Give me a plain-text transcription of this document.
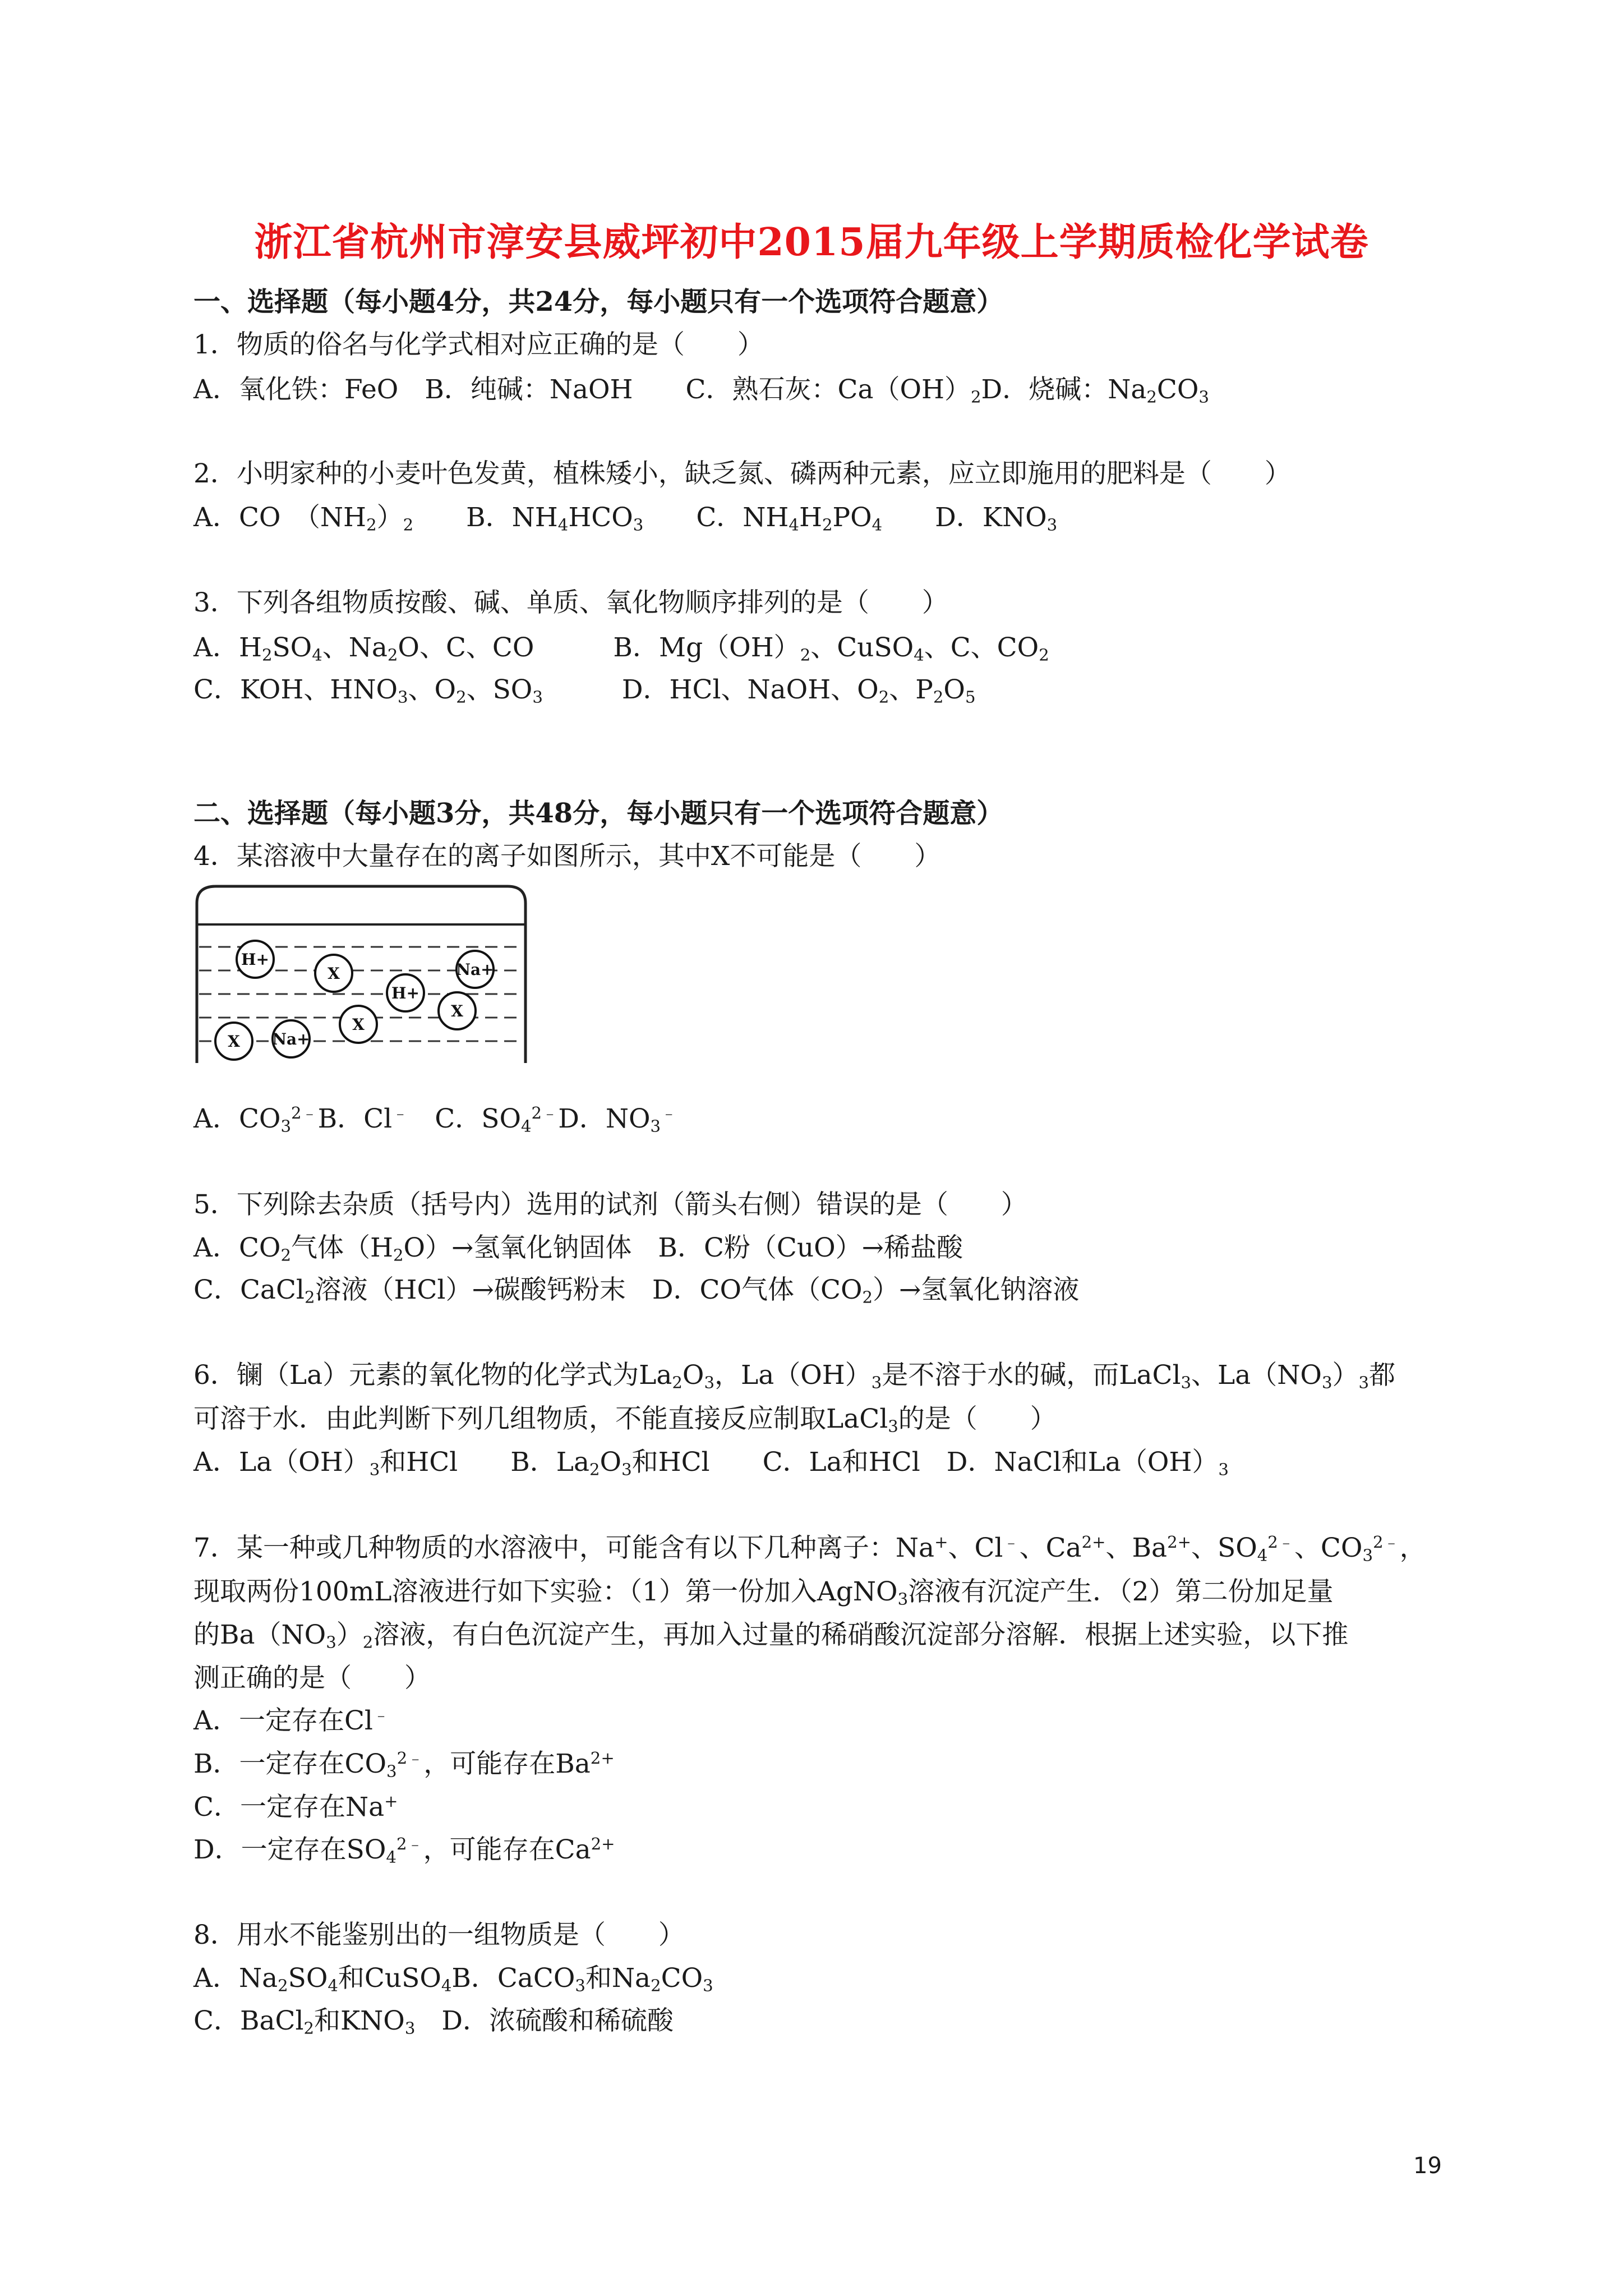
浙江省杭州市淳安县威坪初中2015届九年级上学期质检化学试卷
一、选择题（每小题4分，共24分，每小题只有一个选项符合题意）
1．物质的俗名与化学式相对应正确的是（　　）
A．氧化铁：FeO　B．纯碱：NaOH　　C．熟石灰：$Ca(OH)_2D$．烧碱：$Na_2CO_3$
2．小明家种的小麦叶色发黄，植株矮小，缺乏氮、磷两种元素，应立即施用的肥料是（　　）
A．CO　$(NH_2)_2$　　B．$NH_4HCO_3$　　C．$NH_4H_2PO_4$　　D．$KNO_3$
3．下列各组物质按酸、碱、单质、氧化物顺序排列的是（　　）
A．$H_2SO_4$、$Na_2O$、C、CO　　　B．$Mg(OH)_2$、CuSO$_4$、C、$CO_2$
C．KOH、$HNO_3$、$O_2$、$SO_3$　　　D．HCl、NaOH、$O_2$、$P_2O_5$
二、选择题（每小题3分，共48分，每小题只有一个选项符合题意）
4．某溶液中大量存在的离子如图所示，其中X不可能是（　　）
H+
X
H+
Na+
X
X
Na+
X
A．$CO_3^{2﹣}B$．Cl﹣　C．$SO_4^{2﹣}D$．$NO_3^﹣$
5．下列除去杂质（括号内）选用的试剂（箭头右侧）错误的是（　　）
A．$CO_2$气体$(H_2O)\to$氢氧化钠固体　B．C粉（CuO）→稀盐酸
C．CaCl$_2$溶液（HCl）→碳酸钙粉末　D．CO气体$(CO_2)\to$氢氧化钠溶液
6．镧（La）元素的氧化物的化学式为$La_2O_3$，$La(OH)_3$是不溶于水的碱，而LaCl$_3$、$La(NO_3)_3$都
可溶于水．由此判断下列几组物质，不能直接反应制取LaCl$_3$的是（　　）
A．$La(OH)_3$和HCl　　B．$La_2O_3$和HCl　　C．La和HCl　D．NaCl和$La(OH)_3$
7．某一种或几种物质的水溶液中，可能含有以下几种离子：Na+、Cl﹣、$Ca^{2+}$、$Ba^{2+}$、$SO_4^{2﹣}$、$CO_3^{2﹣}$，
现取两份100mL溶液进行如下实验：（1）第一份加入AgNO$_3$溶液有沉淀产生．（2）第二份加足量
的$Ba(NO_3)_2$溶液，有白色沉淀产生，再加入过量的稀硝酸沉淀部分溶解．根据上述实验，以下推
测正确的是（　　）
A．一定存在Cl﹣
B．一定存在$CO_3^{2﹣}$，可能存在$Ba^{2+}$
C．一定存在Na+
D．一定存在$SO_4^{2﹣}$，可能存在$Ca^{2+}$
8．用水不能鉴别出的一组物质是（　　）
A．$Na_2SO_4$和CuSO$_4$B．CaCO$_3$和$Na_2CO_3$
C．BaCl$_2$和$KNO_3$　D．浓硫酸和稀硫酸
19
